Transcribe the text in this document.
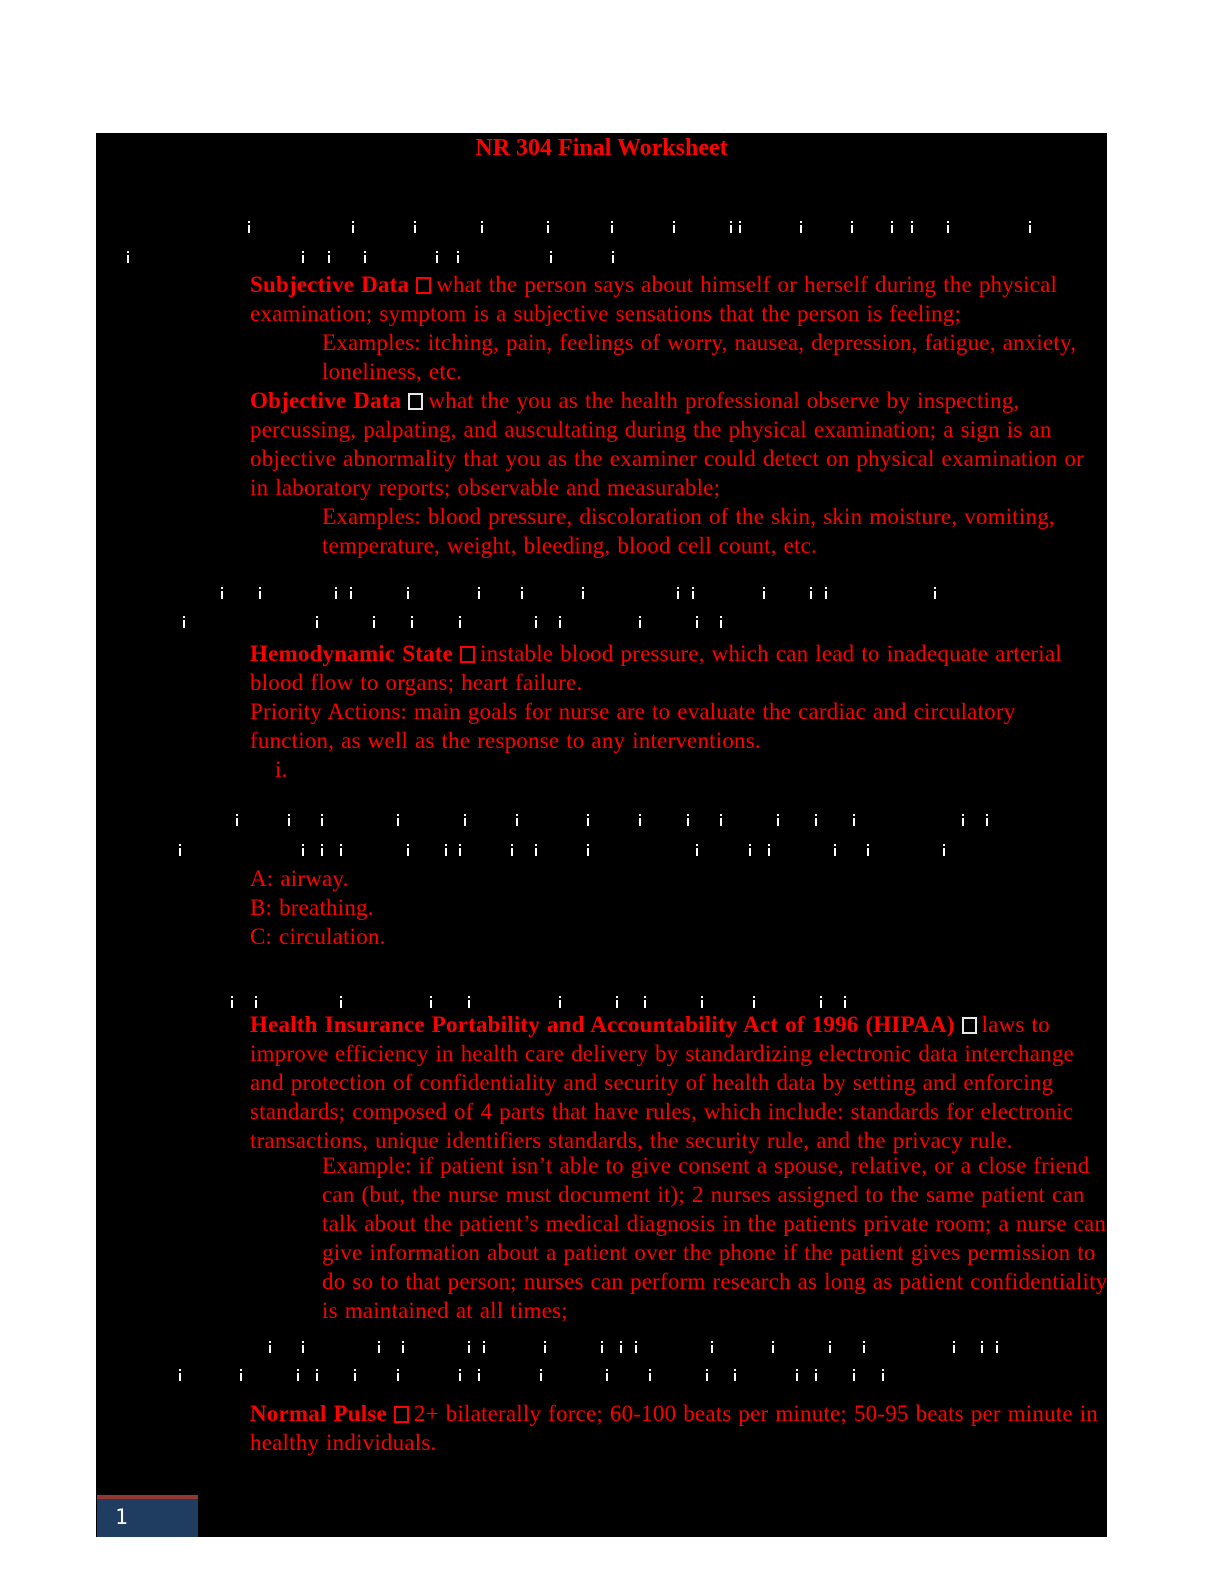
NR 304 Final Worksheet
Subjective Data what the person says about himself or herself during the physical examination; symptom is a subjective sensations that the person is feeling;
Examples: itching, pain, feelings of worry, nausea, depression, fatigue, anxiety, loneliness, etc.
Objective Data what the you as the health professional observe by inspecting, percussing, palpating, and auscultating during the physical examination; a sign is an objective abnormality that you as the examiner could detect on physical examination or in laboratory reports; observable and measurable;
Examples: blood pressure, discoloration of the skin, skin moisture, vomiting, temperature, weight, bleeding, blood cell count, etc.
Hemodynamic State instable blood pressure, which can lead to inadequate arterial blood flow to organs; heart failure.
Priority Actions: main goals for nurse are to evaluate the cardiac and circulatory function, as well as the response to any interventions.
i.
A: airway.
B: breathing.
C: circulation.
Health Insurance Portability and Accountability Act of 1996 (HIPAA) laws to improve efficiency in health care delivery by standardizing electronic data interchange and protection of confidentiality and security of health data by setting and enforcing standards; composed of 4 parts that have rules, which include: standards for electronic transactions, unique identifiers standards, the security rule, and the privacy rule.
Example: if patient isn’t able to give consent a spouse, relative, or a close friend can (but, the nurse must document it); 2 nurses assigned to the same patient can talk about the patient’s medical diagnosis in the patients private room; a nurse can give information about a patient over the phone if the patient gives permission to do so to that person; nurses can perform research as long as patient confidentiality is maintained at all times;
Normal Pulse 2+ bilaterally force; 60-100 beats per minute; 50-95 beats per minute in healthy individuals.
1
